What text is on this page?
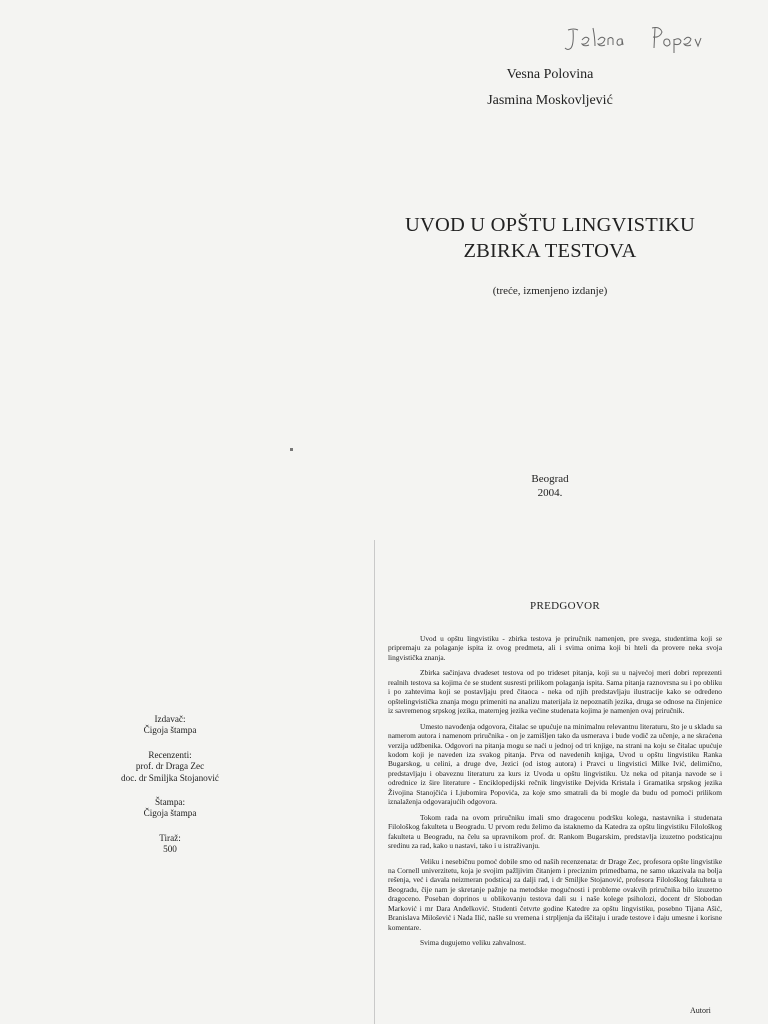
Vesna Polovina
Jasmina Moskovljević
UVOD U OPŠTU LINGVISTIKU
ZBIRKA TESTOVA
(treće, izmenjeno izdanje)
Beograd
2004.
Izdavač:
Čigoja štampa
Recenzenti:
prof. dr Draga Zec
doc. dr Smiljka Stojanović
Štampa:
Čigoja štampa
Tiraž:
500
PREDGOVOR

Uvod u opštu lingvistiku - zbirka testova je priručnik namenjen, pre svega, studentima koji se pripremaju za polaganje ispita iz ovog predmeta, ali i svima onima koji bi hteli da provere neka svoja lingvistička znanja.

Zbirka sačinjava dvadeset testova od po trideset pitanja, koji su u najvećoj meri dobri reprezenti realnih testova sa kojima će se student susresti prilikom polaganja ispita. Sama pitanja raznovrsna su i po obliku i po zahtevima koji se postavljaju pred čitaoca - neka od njih predstavljaju ilustracije kako se određeno opštelingvistička znanja mogu primeniti na analizu materijala iz nepoznatih jezika, druga se odnose na činjenice iz savremenog srpskog jezika, maternjeg jezika većine studenata kojima je namenjen ovaj priručnik.

Umesto navođenja odgovora, čitalac se upućuje na minimalnu relevantnu literaturu, što je u skladu sa namerom autora i namenom priručnika - on je zamišljen tako da usmerava i bude vodič za učenje, a ne skraćena verzija udžbenika. Odgovori na pitanja mogu se naći u jednoj od tri knjige, na strani na koju se čitalac upućuje kodom koji je naveden iza svakog pitanja. Prva od navedenih knjiga, Uvod u opštu lingvistiku Ranka Bugarskog, u celini, a druge dve, Jezici (od istog autora) i Pravci u lingvistici Milke Ivić, delimično, predstavljaju i obaveznu literaturu za kurs iz Uvoda u opštu lingvistiku. Uz neka od pitanja navode se i odrednice iz šire literature - Enciklopedijski rečnik lingvistike Dejvida Kristala i Gramatika srpskog jezika Živojina Stanojčića i Ljubomira Popovića, za koje smo smatrali da bi mogle da budu od pomoći prilikom iznalaženja odgovarajućih odgovora.

Tokom rada na ovom priručniku imali smo dragocenu podršku kolega, nastavnika i studenata Filološkog fakulteta u Beogradu. U prvom redu želimo da istaknemo da Katedra za opštu lingvistiku Filološkog fakulteta u Beogradu, na čelu sa upravnikom prof. dr. Rankom Bugarskim, predstavlja izuzetno podsticajnu sredinu za rad, kako u nastavi, tako i u istraživanju.

Veliku i nesebičnu pomoć dobile smo od naših recenzenata: dr Drage Zec, profesora opšte lingvistike na Cornell univerzitetu, koja je svojim pažljivim čitanjem i preciznim primedbama, ne samo ukazivala na bolja rešenja, već i davala neizmeran podsticaj za dalji rad, i dr Smiljke Stojanović, profesora Filološkog fakulteta u Beogradu, čije nam je skretanje pažnje na metodske mogućnosti i probleme ovakvih priručnika bilo izuzetno dragoceno. Poseban doprinos u oblikovanju testova dali su i naše kolege psiholozi, docent dr Slobodan Marković i mr Dara Anđelković. Studenti četvrte godine Katedre za opštu lingvistiku, posebno Tijana Ašić, Branislava Milošević i Nada Ilić, našle su vremena i strpljenja da iščitaju i urade testove i daju umesne i korisne komentare.

Svima dugujemo veliku zahvalnost.

Autori
